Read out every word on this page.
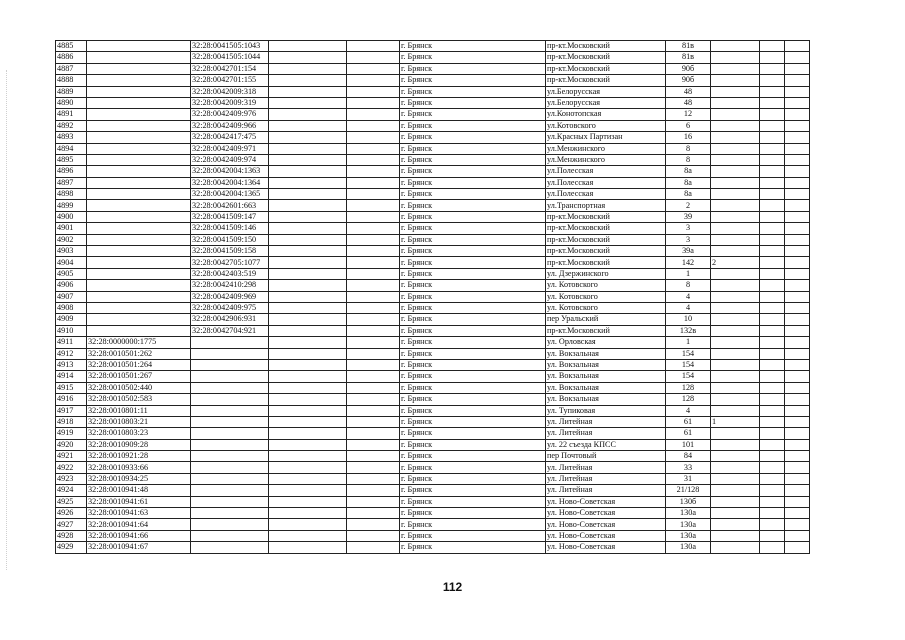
4885		32:28:0041505:1043			г. Брянск	пр-кт.Московский	81в			
4886		32:28:0041505:1044			г. Брянск	пр-кт.Московский	81в			
4887		32:28:0042701:154			г. Брянск	пр-кт.Московский	90б			
4888		32:28:0042701:155			г. Брянск	пр-кт.Московский	90б			
4889		32:28:0042009:318			г. Брянск	ул.Белорусская	48			
4890		32:28:0042009:319			г. Брянск	ул.Белорусская	48			
4891		32:28:0042409:976			г. Брянск	ул.Конотопская	12			
4892		32:28:0042409:966			г. Брянск	ул.Котовского	6			
4893		32:28:0042417:475			г. Брянск	ул.Красных Партизан	16			
4894		32:28:0042409:971			г. Брянск	ул.Менжинского	8			
4895		32:28:0042409:974			г. Брянск	ул.Менжинского	8			
4896		32:28:0042004:1363			г. Брянск	ул.Полесская	8а			
4897		32:28:0042004:1364			г. Брянск	ул.Полесская	8а			
4898		32:28:0042004:1365			г. Брянск	ул.Полесская	8а			
4899		32:28:0042601:663			г. Брянск	ул.Транспортная	2			
4900		32:28:0041509:147			г. Брянск	пр-кт.Московский	39			
4901		32:28:0041509:146			г. Брянск	пр-кт.Московский	3			
4902		32:28:0041509:150			г. Брянск	пр-кт.Московский	3			
4903		32:28:0041509:158			г. Брянск	пр-кт.Московский	39а			
4904		32:28:0042705:1077			г. Брянск	пр-кт.Московский	142	2		
4905		32:28:0042403:519			г. Брянск	ул. Дзержинского	1			
4906		32:28:0042410:298			г. Брянск	ул. Котовского	8			
4907		32:28:0042409:969			г. Брянск	ул. Котовского	4			
4908		32:28:0042409:975			г. Брянск	ул. Котовского	4			
4909		32:28:0042906:931			г. Брянск	пер Уральский	10			
4910		32:28:0042704:921			г. Брянск	пр-кт.Московский	132в			
4911	32:28:0000000:1775				г. Брянск	ул. Орловская	1			
4912	32:28:0010501:262				г. Брянск	ул. Вокзальная	154			
4913	32:28:0010501:264				г. Брянск	ул. Вокзальная	154			
4914	32:28:0010501:267				г. Брянск	ул. Вокзальная	154			
4915	32:28:0010502:440				г. Брянск	ул. Вокзальная	128			
4916	32:28:0010502:583				г. Брянск	ул. Вокзальная	128			
4917	32:28:0010801:11				г. Брянск	ул. Тупиковая	4			
4918	32:28:0010803:21				г. Брянск	ул. Литейная	61	1		
4919	32:28:0010803:23				г. Брянск	ул. Литейная	61			
4920	32:28:0010909:28				г. Брянск	ул. 22 съезда КПСС	101			
4921	32:28:0010921:28				г. Брянск	пер Почтовый	84			
4922	32:28:0010933:66				г. Брянск	ул. Литейная	33			
4923	32:28:0010934:25				г. Брянск	ул. Литейная	31			
4924	32:28:0010941:48				г. Брянск	ул. Литейная	21/128			
4925	32:28:0010941:61				г. Брянск	ул. Ново-Советская	130б			
4926	32:28:0010941:63				г. Брянск	ул. Ново-Советская	130а			
4927	32:28:0010941:64				г. Брянск	ул. Ново-Советская	130а			
4928	32:28:0010941:66				г. Брянск	ул. Ново-Советская	130а			
4929	32:28:0010941:67				г. Брянск	ул. Ново-Советская	130а			
112
